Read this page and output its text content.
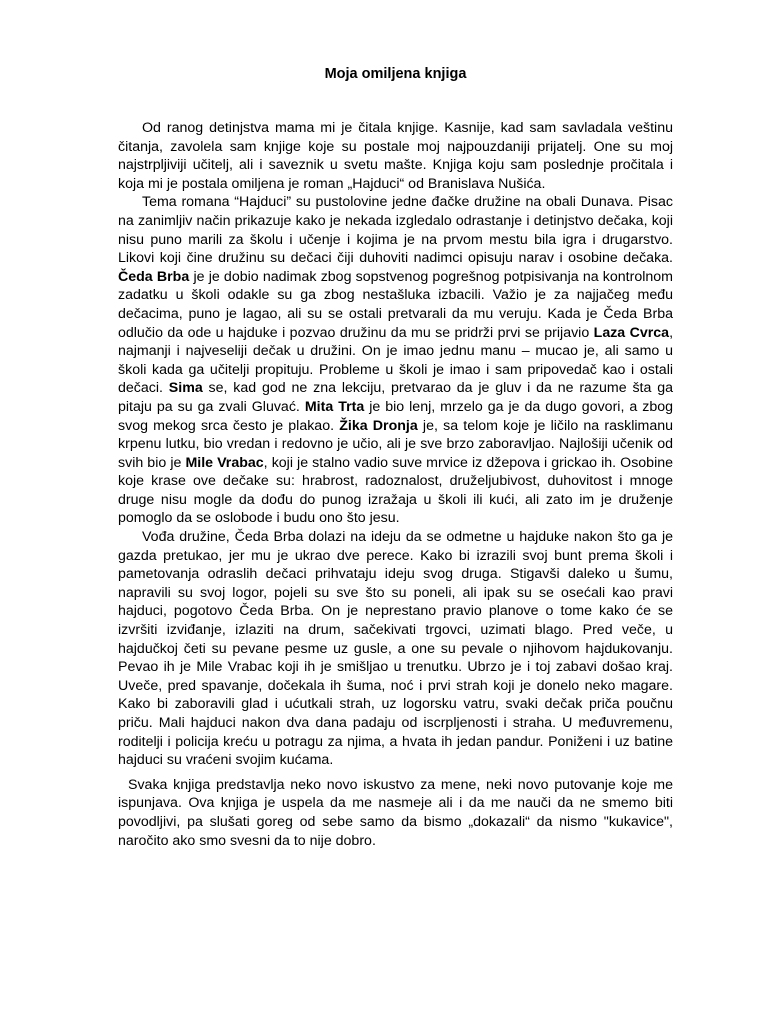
Moja omiljena knjiga

Od ranog detinjstva mama mi je čitala knjige. Kasnije, kad sam savladala veštinu čitanja, zavolela sam knjige koje su postale moj najpouzdaniji prijatelj. One su moj najstrpljiviji učitelj, ali i saveznik u svetu mašte. Knjiga koju sam poslednje pročitala i koja mi je postala omiljena je roman „Hajduci“ od Branislava Nušića.

Tema romana “Hajduci” su pustolovine jedne đačke družine na obali Dunava. Pisac na zanimljiv način prikazuje kako je nekada izgledalo odrastanje i detinjstvo dečaka, koji nisu puno marili za školu i učenje i kojima je na prvom mestu bila igra i drugarstvo. Likovi koji čine družinu su dečaci čiji duhoviti nadimci opisuju narav i osobine dečaka. Čeda Brba je je dobio nadimak zbog sopstvenog pogrešnog potpisivanja na kontrolnom zadatku u školi odakle su ga zbog nestašluka izbacili. Važio je za najjačeg među dečacima, puno je lagao, ali su se ostali pretvarali da mu veruju. Kada je Čeda Brba odlučio da ode u hajduke i pozvao družinu da mu se pridrži prvi se prijavio Laza Cvrca, najmanji i najveseliji dečak u družini. On je imao jednu manu – mucao je, ali samo u školi kada ga učitelji propituju. Probleme u školi je imao i sam pripovedač kao i ostali dečaci. Sima se, kad god ne zna lekciju, pretvarao da je gluv i da ne razume šta ga pitaju pa su ga zvali Gluvać. Mita Trta je bio lenj, mrzelo ga je da dugo govori, a zbog svog mekog srca često je plakao. Žika Dronja je, sa telom koje je ličilo na rasklimanu krpenu lutku, bio vredan i redovno je učio, ali je sve brzo zaboravljao. Najlošiji učenik od svih bio je Mile Vrabac, koji je stalno vadio suve mrvice iz džepova i grickao ih. Osobine koje krase ove dečake su: hrabrost, radoznalost, druželjubivost, duhovitost i mnoge druge nisu mogle da dođu do punog izražaja u školi ili kući, ali zato im je druženje pomoglo da se oslobode i budu ono što jesu.

Vođa družine, Čeda Brba dolazi na ideju da se odmetne u hajduke nakon što ga je gazda pretukao, jer mu je ukrao dve perece. Kako bi izrazili svoj bunt prema školi i pametovanja odraslih dečaci prihvataju ideju svog druga. Stigavši daleko u šumu, napravili su svoj logor, pojeli su sve što su poneli, ali ipak su se osećali kao pravi hajduci, pogotovo Čeda Brba. On je neprestano pravio planove o tome kako će se izvršiti izviđanje, izlaziti na drum, sačekivati trgovci, uzimati blago. Pred veče, u hajdučkoj četi su pevane pesme uz gusle, a one su pevale o njihovom hajdukovanju. Pevao ih je Mile Vrabac koji ih je smišljao u trenutku. Ubrzo je i toj zabavi došao kraj. Uveče, pred spavanje, dočekala ih šuma, noć i prvi strah koji je donelo neko magare. Kako bi zaboravili glad i ućutkali strah, uz logorsku vatru, svaki dečak priča poučnu priču. Mali hajduci nakon dva dana padaju od iscrpljenosti i straha. U međuvremenu, roditelji i policija kreću u potragu za njima, a hvata ih jedan pandur. Poniženi i uz batine hajduci su vraćeni svojim kućama.

Svaka knjiga predstavlja neko novo iskustvo za mene, neki novo putovanje koje me ispunjava. Ova knjiga je uspela da me nasmeje ali i da me nauči da ne smemo biti povodljivi, pa slušati goreg od sebe samo da bismo „dokazali“ da nismo "kukavice", naročito ako smo svesni da to nije dobro.
